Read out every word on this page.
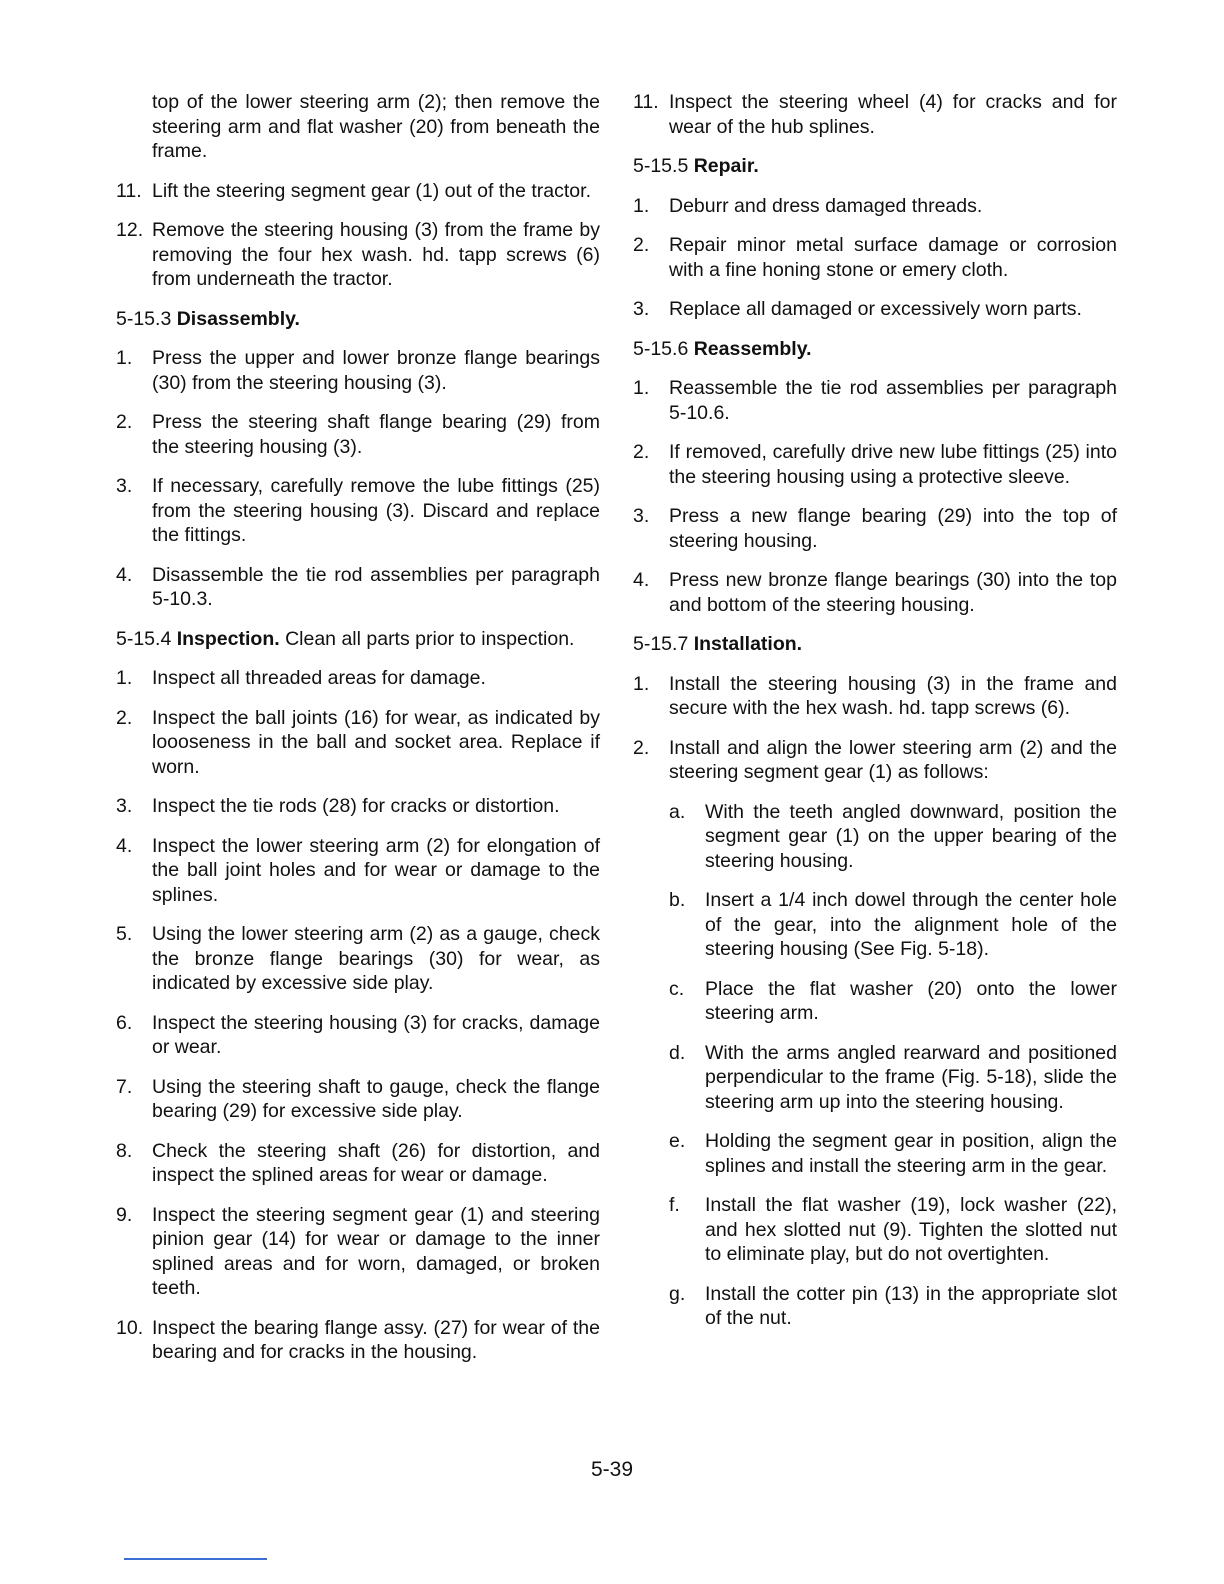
top of the lower steering arm (2); then remove the steering arm and flat washer (20) from beneath the frame.

11. Lift the steering segment gear (1) out of the tractor.
12. Remove the steering housing (3) from the frame by removing the four hex wash. hd. tapp screws (6) from underneath the tractor.
5-15.3 Disassembly.
1. Press the upper and lower bronze flange bearings (30) from the steering housing (3).
2. Press the steering shaft flange bearing (29) from the steering housing (3).
3. If necessary, carefully remove the lube fittings (25) from the steering housing (3). Discard and replace the fittings.
4. Disassemble the tie rod assemblies per paragraph 5-10.3.
5-15.4 Inspection. Clean all parts prior to inspection.
1. Inspect all threaded areas for damage.
2. Inspect the ball joints (16) for wear, as indicated by loooseness in the ball and socket area. Replace if worn.
3. Inspect the tie rods (28) for cracks or distortion.
4. Inspect the lower steering arm (2) for elongation of the ball joint holes and for wear or damage to the splines.
5. Using the lower steering arm (2) as a gauge, check the bronze flange bearings (30) for wear, as indicated by excessive side play.
6. Inspect the steering housing (3) for cracks, damage or wear.
7. Using the steering shaft to gauge, check the flange bearing (29) for excessive side play.
8. Check the steering shaft (26) for distortion, and inspect the splined areas for wear or damage.
9. Inspect the steering segment gear (1) and steering pinion gear (14) for wear or damage to the inner splined areas and for worn, damaged, or broken teeth.
10. Inspect the bearing flange assy. (27) for wear of the bearing and for cracks in the housing.
11. Inspect the steering wheel (4) for cracks and for wear of the hub splines.
5-15.5 Repair.
1. Deburr and dress damaged threads.
2. Repair minor metal surface damage or corrosion with a fine honing stone or emery cloth.
3. Replace all damaged or excessively worn parts.
5-15.6 Reassembly.
1. Reassemble the tie rod assemblies per paragraph 5-10.6.
2. If removed, carefully drive new lube fittings (25) into the steering housing using a protective sleeve.
3. Press a new flange bearing (29) into the top of steering housing.
4. Press new bronze flange bearings (30) into the top and bottom of the steering housing.
5-15.7 Installation.
1. Install the steering housing (3) in the frame and secure with the hex wash. hd. tapp screws (6).
2. Install and align the lower steering arm (2) and the steering segment gear (1) as follows:
a. With the teeth angled downward, position the segment gear (1) on the upper bearing of the steering housing.
b. Insert a 1/4 inch dowel through the center hole of the gear, into the alignment hole of the steering housing (See Fig. 5-18).
c. Place the flat washer (20) onto the lower steering arm.
d. With the arms angled rearward and positioned perpendicular to the frame (Fig. 5-18), slide the steering arm up into the steering housing.
e. Holding the segment gear in position, align the splines and install the steering arm in the gear.
f. Install the flat washer (19), lock washer (22), and hex slotted nut (9). Tighten the slotted nut to eliminate play, but do not overtighten.
g. Install the cotter pin (13) in the appropriate slot of the nut.
5-39
